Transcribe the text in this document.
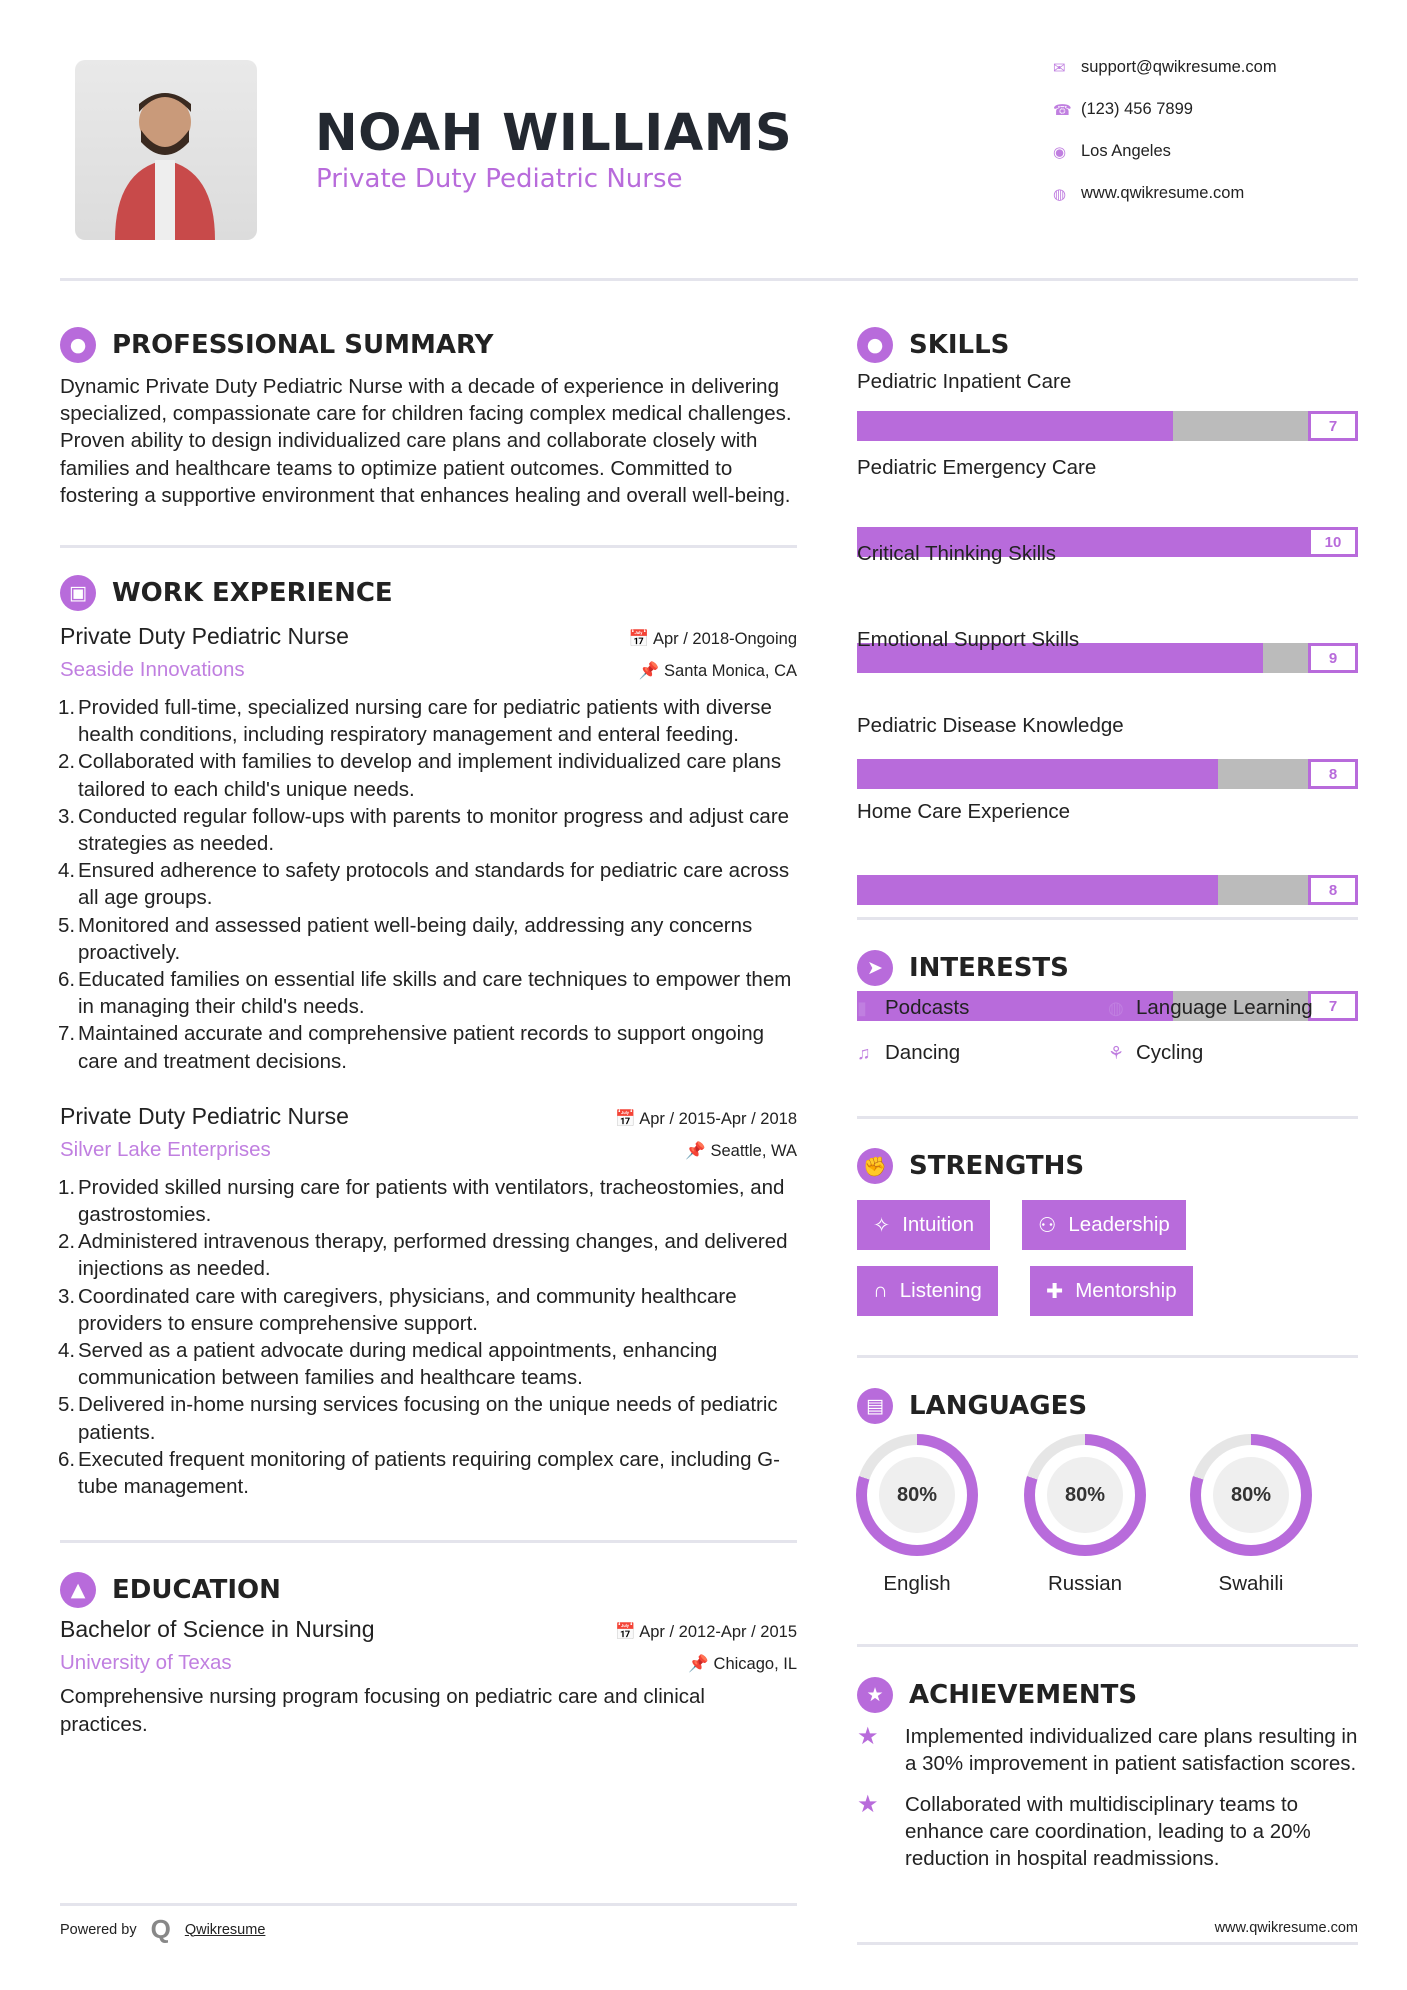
NOAH WILLIAMS
Private Duty Pediatric Nurse
✉ support@qwikresume.com
☎ (123) 456 7899
◉ Los Angeles
◍ www.qwikresume.com
● PROFESSIONAL SUMMARY
Dynamic Private Duty Pediatric Nurse with a decade of experience in delivering specialized, compassionate care for children facing complex medical challenges. Proven ability to design individualized care plans and collaborate closely with families and healthcare teams to optimize patient outcomes. Committed to fostering a supportive environment that enhances healing and overall well-being.
▣ WORK EXPERIENCE
Private Duty Pediatric Nurse	📅 Apr / 2018-Ongoing
Seaside Innovations	📌 Santa Monica, CA
Provided full-time, specialized nursing care for pediatric patients with diverse health conditions, including respiratory management and enteral feeding.
Collaborated with families to develop and implement individualized care plans tailored to each child's unique needs.
Conducted regular follow-ups with parents to monitor progress and adjust care strategies as needed.
Ensured adherence to safety protocols and standards for pediatric care across all age groups.
Monitored and assessed patient well-being daily, addressing any concerns proactively.
Educated families on essential life skills and care techniques to empower them in managing their child's needs.
Maintained accurate and comprehensive patient records to support ongoing care and treatment decisions.
Private Duty Pediatric Nurse	📅 Apr / 2015-Apr / 2018
Silver Lake Enterprises	📌 Seattle, WA
Provided skilled nursing care for patients with ventilators, tracheostomies, and gastrostomies.
Administered intravenous therapy, performed dressing changes, and delivered injections as needed.
Coordinated care with caregivers, physicians, and community healthcare providers to ensure comprehensive support.
Served as a patient advocate during medical appointments, enhancing communication between families and healthcare teams.
Delivered in-home nursing services focusing on the unique needs of pediatric patients.
Executed frequent monitoring of patients requiring complex care, including G-tube management.
▲	EDUCATION
Bachelor of Science in Nursing	📅 Apr / 2012-Apr / 2015
University of Texas	📌 Chicago, IL
Comprehensive nursing program focusing on pediatric care and clinical practices.
Powered by Q Qwikresume
● SKILLS
Pediatric Inpatient Care
7
Pediatric Emergency Care
10
Critical Thinking Skills
9
Emotional Support Skills
8
Pediatric Disease Knowledge
8
Home Care Experience
7
➤	INTERESTS
▮ Podcasts	◍ Language Learning
♫ Dancing	⚘ Cycling
✊ STRENGTHS
✧ Intuition	⚇ Leadership
∩ Listening	✚ Mentorship
▤ LANGUAGES
80%
English
80%
Russian
80%
Swahili
★ ACHIEVEMENTS
★	Implemented individualized care plans resulting in a 30% improvement in patient satisfaction scores.
★	Collaborated with multidisciplinary teams to enhance care coordination, leading to a 20% reduction in hospital readmissions.
www.qwikresume.com
